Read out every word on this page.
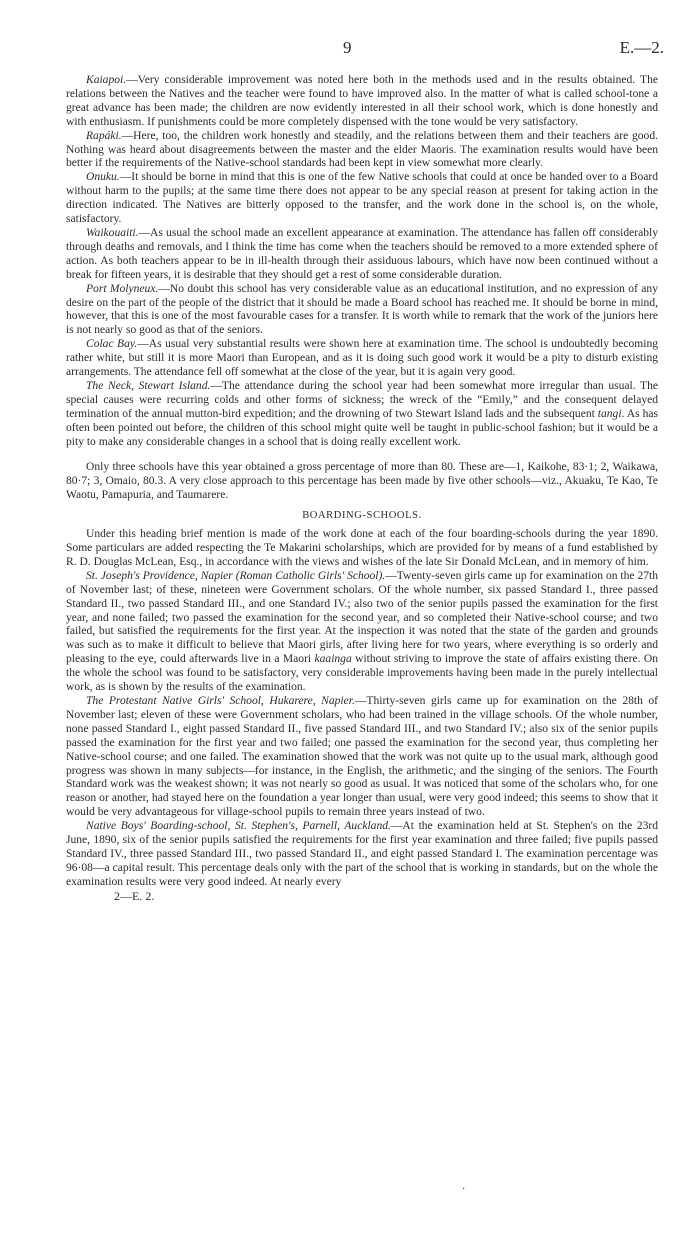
9	E.—2.

Kaiapoi.—Very considerable improvement was noted here both in the methods used and in the results obtained. The relations between the Natives and the teacher were found to have improved also. In the matter of what is called school-tone a great advance has been made; the children are now evidently interested in all their school work, which is done honestly and with enthusiasm. If punishments could be more completely dispensed with the tone would be very satisfactory.

Rapáki.—Here, too, the children work honestly and steadily, and the relations between them and their teachers are good. Nothing was heard about disagreements between the master and the elder Maoris. The examination results would have been better if the requirements of the Native-school standards had been kept in view somewhat more clearly.

Onuku.—It should be borne in mind that this is one of the few Native schools that could at once be handed over to a Board without harm to the pupils; at the same time there does not appear to be any special reason at present for taking action in the direction indicated. The Natives are bitterly opposed to the transfer, and the work done in the school is, on the whole, satisfactory.

Waikouaiti.—As usual the school made an excellent appearance at examination. The attendance has fallen off considerably through deaths and removals, and I think the time has come when the teachers should be removed to a more extended sphere of action. As both teachers appear to be in ill-health through their assiduous labours, which have now been continued without a break for fifteen years, it is desirable that they should get a rest of some considerable duration.

Port Molyneux.—No doubt this school has very considerable value as an educational institution, and no expression of any desire on the part of the people of the district that it should be made a Board school has reached me. It should be borne in mind, however, that this is one of the most favourable cases for a transfer. It is worth while to remark that the work of the juniors here is not nearly so good as that of the seniors.

Colac Bay.—As usual very substantial results were shown here at examination time. The school is undoubtedly becoming rather white, but still it is more Maori than European, and as it is doing such good work it would be a pity to disturb existing arrangements. The attendance fell off somewhat at the close of the year, but it is again very good.

The Neck, Stewart Island.—The attendance during the school year had been somewhat more irregular than usual. The special causes were recurring colds and other forms of sickness; the wreck of the “Emily,” and the consequent delayed termination of the annual mutton-bird expedition; and the drowning of two Stewart Island lads and the subsequent tangi. As has often been pointed out before, the children of this school might quite well be taught in public-school fashion; but it would be a pity to make any considerable changes in a school that is doing really excellent work.

Only three schools have this year obtained a gross percentage of more than 80. These are—1, Kaikohe, 83·1; 2, Waikawa, 80·7; 3, Omaio, 80.3. A very close approach to this percentage has been made by five other schools—viz., Akuaku, Te Kao, Te Waotu, Pamapuria, and Taumarere.

BOARDING-SCHOOLS.

Under this heading brief mention is made of the work done at each of the four boarding-schools during the year 1890. Some particulars are added respecting the Te Makarini scholarships, which are provided for by means of a fund established by R. D. Douglas McLean, Esq., in accordance with the views and wishes of the late Sir Donald McLean, and in memory of him.

St. Joseph's Providence, Napier (Roman Catholic Girls' School).—Twenty-seven girls came up for examination on the 27th of November last; of these, nineteen were Government scholars. Of the whole number, six passed Standard I., three passed Standard II., two passed Standard III., and one Standard IV.; also two of the senior pupils passed the examination for the first year, and none failed; two passed the examination for the second year, and so completed their Native-school course; and two failed, but satisfied the requirements for the first year. At the inspection it was noted that the state of the garden and grounds was such as to make it difficult to believe that Maori girls, after living here for two years, where everything is so orderly and pleasing to the eye, could afterwards live in a Maori kaainga without striving to improve the state of affairs existing there. On the whole the school was found to be satisfactory, very considerable improvements having been made in the purely intellectual work, as is shown by the results of the examination.

The Protestant Native Girls' School, Hukarere, Napier.—Thirty-seven girls came up for examination on the 28th of November last; eleven of these were Government scholars, who had been trained in the village schools. Of the whole number, none passed Standard I., eight passed Standard II., five passed Standard III., and two Standard IV.; also six of the senior pupils passed the examination for the first year and two failed; one passed the examination for the second year, thus completing her Native-school course; and one failed. The examination showed that the work was not quite up to the usual mark, although good progress was shown in many subjects—for instance, in the English, the arithmetic, and the singing of the seniors. The Fourth Standard work was the weakest shown; it was not nearly so good as usual. It was noticed that some of the scholars who, for one reason or another, had stayed here on the foundation a year longer than usual, were very good indeed; this seems to show that it would be very advantageous for village-school pupils to remain three years instead of two.

Native Boys' Boarding-school, St. Stephen's, Parnell, Auckland.—At the examination held at St. Stephen's on the 23rd June, 1890, six of the senior pupils satisfied the requirements for the first year examination and three failed; five pupils passed Standard IV., three passed Standard III., two passed Standard II., and eight passed Standard I. The examination percentage was 96·08—a capital result. This percentage deals only with the part of the school that is working in standards, but on the whole the examination results were very good indeed. At nearly every

2—E. 2.
·
